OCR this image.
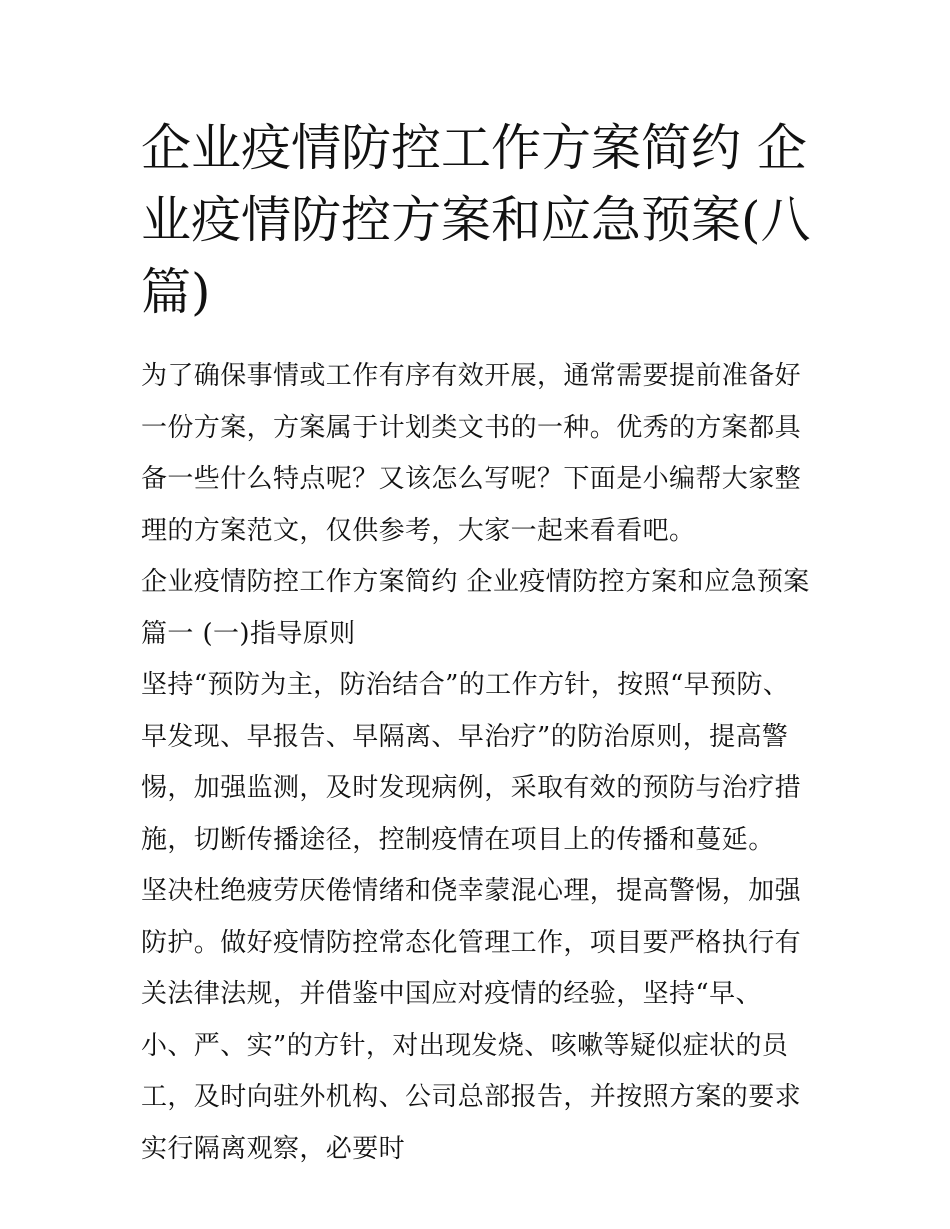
企业疫情防控工作方案简约 企业疫情防控方案和应急预案(八篇)

为了确保事情或工作有序有效开展，通常需要提前准备好一份方案，方案属于计划类文书的一种。优秀的方案都具备一些什么特点呢？又该怎么写呢？下面是小编帮大家整理的方案范文，仅供参考，大家一起来看看吧。

企业疫情防控工作方案简约 企业疫情防控方案和应急预案篇一 (一)指导原则

坚持“预防为主，防治结合”的工作方针，按照“早预防、早发现、早报告、早隔离、早治疗”的防治原则，提高警惕，加强监测，及时发现病例，采取有效的预防与治疗措施，切断传播途径，控制疫情在项目上的传播和蔓延。

坚决杜绝疲劳厌倦情绪和侥幸蒙混心理，提高警惕，加强防护。做好疫情防控常态化管理工作，项目要严格执行有关法律法规，并借鉴中国应对疫情的经验，坚持“早、小、严、实”的方针，对出现发烧、咳嗽等疑似症状的员工，及时向驻外机构、公司总部报告，并按照方案的要求实行隔离观察，必要时
